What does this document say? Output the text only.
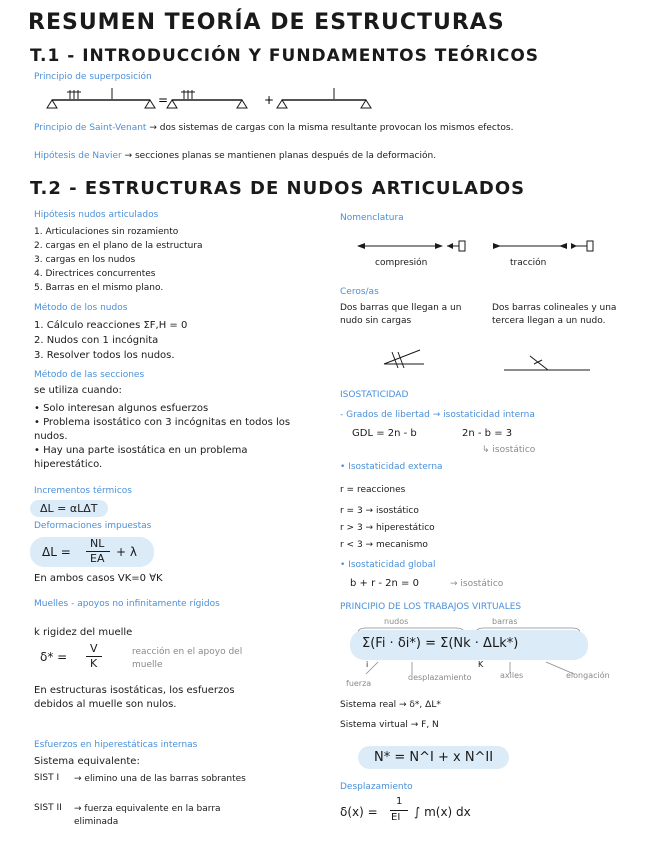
RESUMEN TEORÍA DE ESTRUCTURAS
T.1 - INTRODUCCIÓN Y FUNDAMENTOS TEÓRICOS
Principio de superposición
=	+
Principio de Saint-Venant → dos sistemas de cargas con la misma resultante provocan los mismos efectos.
Hipótesis de Navier → secciones planas se mantienen planas después de la deformación.
T.2 - ESTRUCTURAS DE NUDOS ARTICULADOS
Hipótesis nudos articulados
1. Articulaciones sin rozamiento
2. cargas en el plano de la estructura
3. cargas en los nudos
4. Directrices concurrentes
5. Barras en el mismo plano.
Método de los nudos
1. Cálculo reacciones ΣF,H = 0
2. Nudos con 1 incógnita
3. Resolver todos los nudos.
Método de las secciones
se utiliza cuando:
• Solo interesan algunos esfuerzos
• Problema isostático con 3 incógnitas en todos los nudos.
• Hay una parte isostática en un problema hiperestático.
Incrementos térmicos
ΔL = αLΔT
Deformaciones impuestas
ΔL =
NL
EA + λ
En ambos casos VK=0 ∀K
Muelles - apoyos no infinitamente rígidos
k rigidez del muelle
δ* =
V
K
reacción en el apoyo del muelle
En estructuras isostáticas, los esfuerzos debidos al muelle son nulos.
Esfuerzos en hiperestáticas internas
Sistema equivalente:
SIST I → elimino una de las barras sobrantes
SIST II → fuerza equivalente en la barra eliminada
Nomenclatura
compresión	tracción
Ceros/as
Dos barras que llegan a un nudo sin cargas
Dos barras colineales y una tercera llegan a un nudo.
ISOSTATICIDAD
- Grados de libertad → isostaticidad interna
GDL = 2n - b	2n - b = 3
↳ isostático
• Isostaticidad externa
r = reacciones
r = 3 → isostático
r > 3 → hiperestático
r < 3 → mecanismo
• Isostaticidad global
b + r - 2n = 0	→ isostático
PRINCIPIO DE LOS TRABAJOS VIRTUALES
nudos	barras
Σ(Fi · δi*) = Σ(Nk · ΔLk*)
i	K
fuerza
desplazamiento	axiles	elongación
Sistema real → δ*, ΔL*
Sistema virtual → F, N
N* = N^I + x N^II
Desplazamiento
δ(x) =
1
EI ∫ m(x) dx
